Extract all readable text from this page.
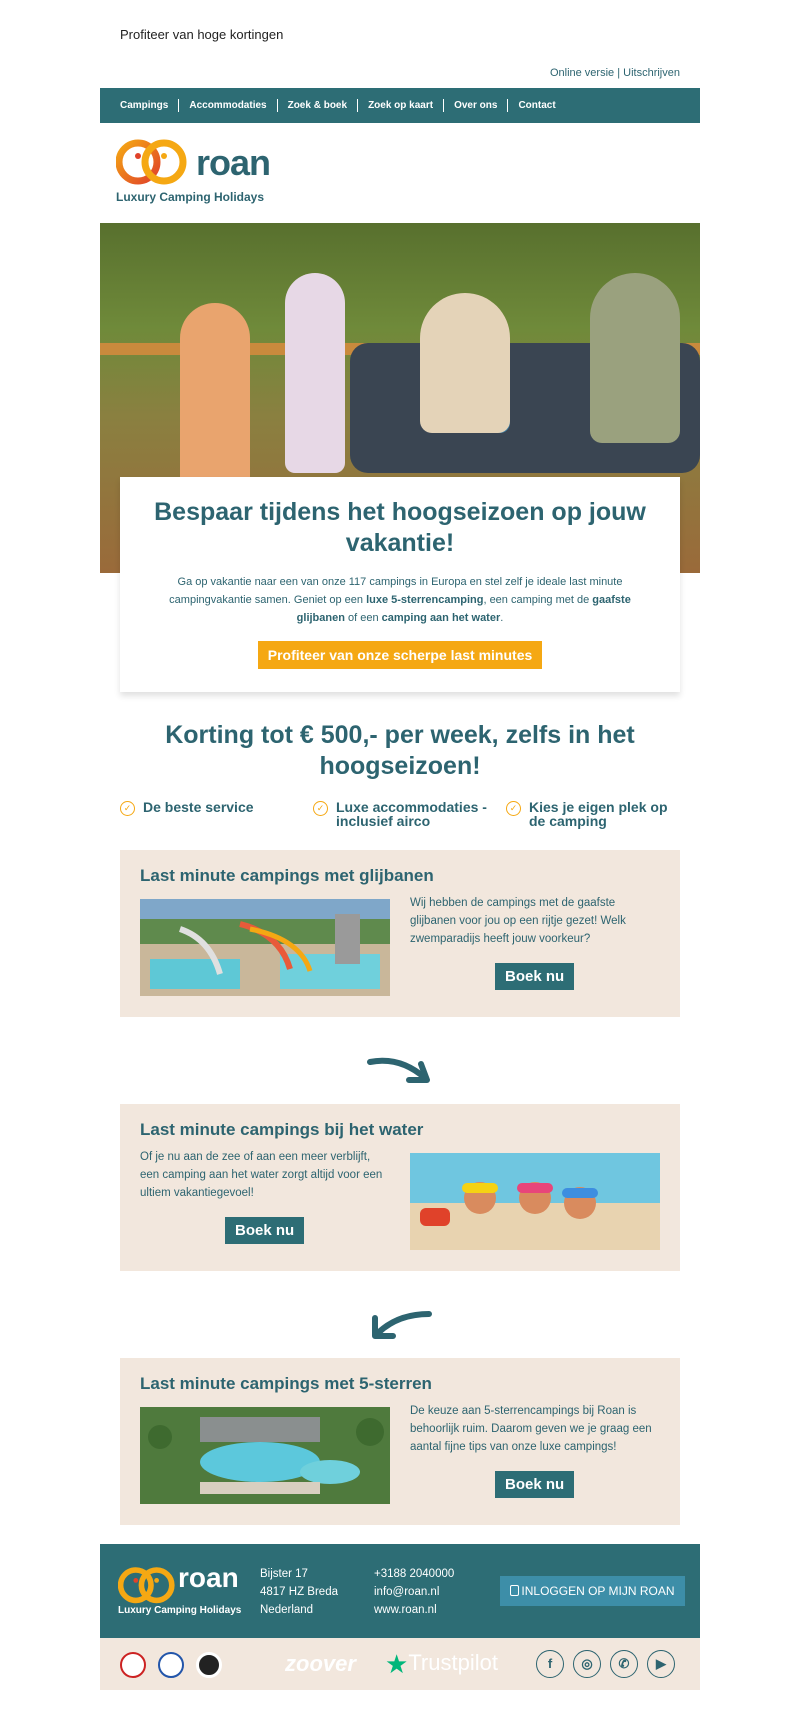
Profiteer van hoge kortingen
Online versie | Uitschrijven
Campings	Accommodaties	Zoek & boek	Zoek op kaart	Over ons	Contact
roan
Luxury Camping Holidays
Bespaar tijdens het hoogseizoen op jouw vakantie!
Ga op vakantie naar een van onze 117 campings in Europa en stel zelf je ideale last minute campingvakantie samen. Geniet op een luxe 5-sterrencamping, een camping met de gaafste glijbanen of een camping aan het water.
Profiteer van onze scherpe last minutes
Korting tot € 500,- per week, zelfs in het hoogseizoen!
✓ De beste service	✓ Luxe accommodaties - inclusief airco
✓ Kies je eigen plek op de camping
Last minute campings met glijbanen
Wij hebben de campings met de gaafste glijbanen voor jou op een rijtje gezet! Welk zwemparadijs heeft jouw voorkeur?
Boek nu
Last minute campings bij het water
Of je nu aan de zee of aan een meer verblijft, een camping aan het water zorgt altijd voor een ultiem vakantiegevoel!
Boek nu
Last minute campings met 5-sterren
De keuze aan 5-sterrencampings bij Roan is behoorlijk ruim. Daarom geven we je graag een aantal fijne tips van onze luxe campings!
Boek nu
roan
Luxury Camping Holidays
Bijster 17
4817 HZ Breda
Nederland
+3188 2040000
info@roan.nl
www.roan.nl
INLOGGEN OP MIJN ROAN
zoover ★Trustpilot	f	◎	✆	▶
